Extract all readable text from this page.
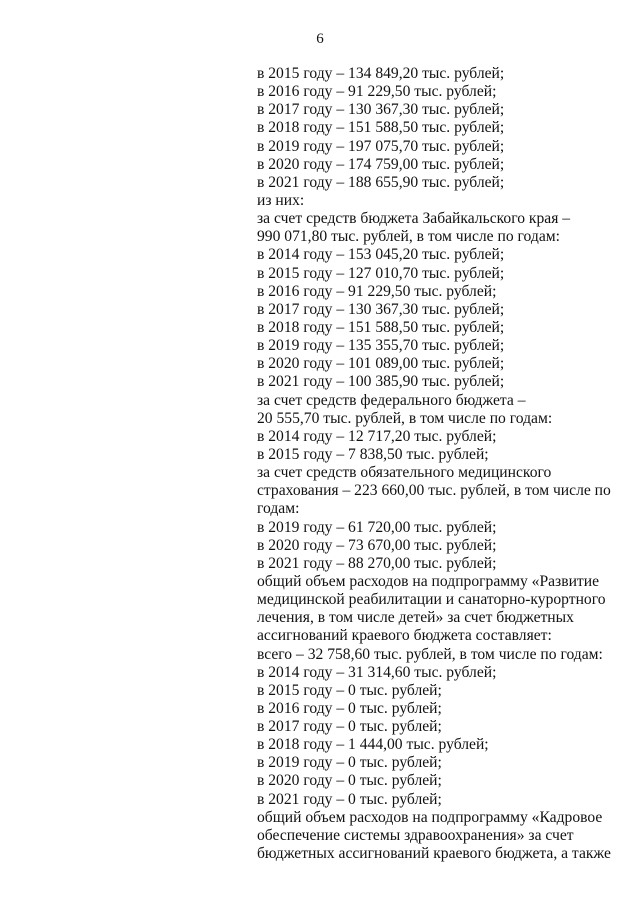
6
в 2015 году – 134 849,20 тыс. рублей;
в 2016 году – 91 229,50 тыс. рублей;
в 2017 году – 130 367,30 тыс. рублей;
в 2018 году – 151 588,50 тыс. рублей;
в 2019 году – 197 075,70 тыс. рублей;
в 2020 году – 174 759,00 тыс. рублей;
в 2021 году – 188 655,90 тыс. рублей;
из них:
за счет средств бюджета Забайкальского края –
990 071,80 тыс. рублей, в том числе по годам:
в 2014 году – 153 045,20 тыс. рублей;
в 2015 году – 127 010,70 тыс. рублей;
в 2016 году – 91 229,50 тыс. рублей;
в 2017 году – 130 367,30 тыс. рублей;
в 2018 году – 151 588,50 тыс. рублей;
в 2019 году – 135 355,70 тыс. рублей;
в 2020 году – 101 089,00 тыс. рублей;
в 2021 году – 100 385,90 тыс. рублей;
за счет средств федерального бюджета –
20 555,70 тыс. рублей, в том числе по годам:
в 2014 году – 12 717,20 тыс. рублей;
в 2015 году – 7 838,50 тыс. рублей;
за счет средств обязательного медицинского
страхования – 223 660,00 тыс. рублей, в том числе по
годам:
в 2019 году – 61 720,00 тыс. рублей;
в 2020 году – 73 670,00 тыс. рублей;
в 2021 году – 88 270,00 тыс. рублей;
общий объем расходов на подпрограмму «Развитие
медицинской реабилитации и санаторно-курортного
лечения, в том числе детей» за счет бюджетных
ассигнований краевого бюджета составляет:
всего – 32 758,60 тыс. рублей, в том числе по годам:
в 2014 году – 31 314,60 тыс. рублей;
в 2015 году – 0 тыс. рублей;
в 2016 году – 0 тыс. рублей;
в 2017 году – 0 тыс. рублей;
в 2018 году – 1 444,00 тыс. рублей;
в 2019 году – 0 тыс. рублей;
в 2020 году – 0 тыс. рублей;
в 2021 году – 0 тыс. рублей;
общий объем расходов на подпрограмму «Кадровое
обеспечение системы здравоохранения» за счет
бюджетных ассигнований краевого бюджета, а также
